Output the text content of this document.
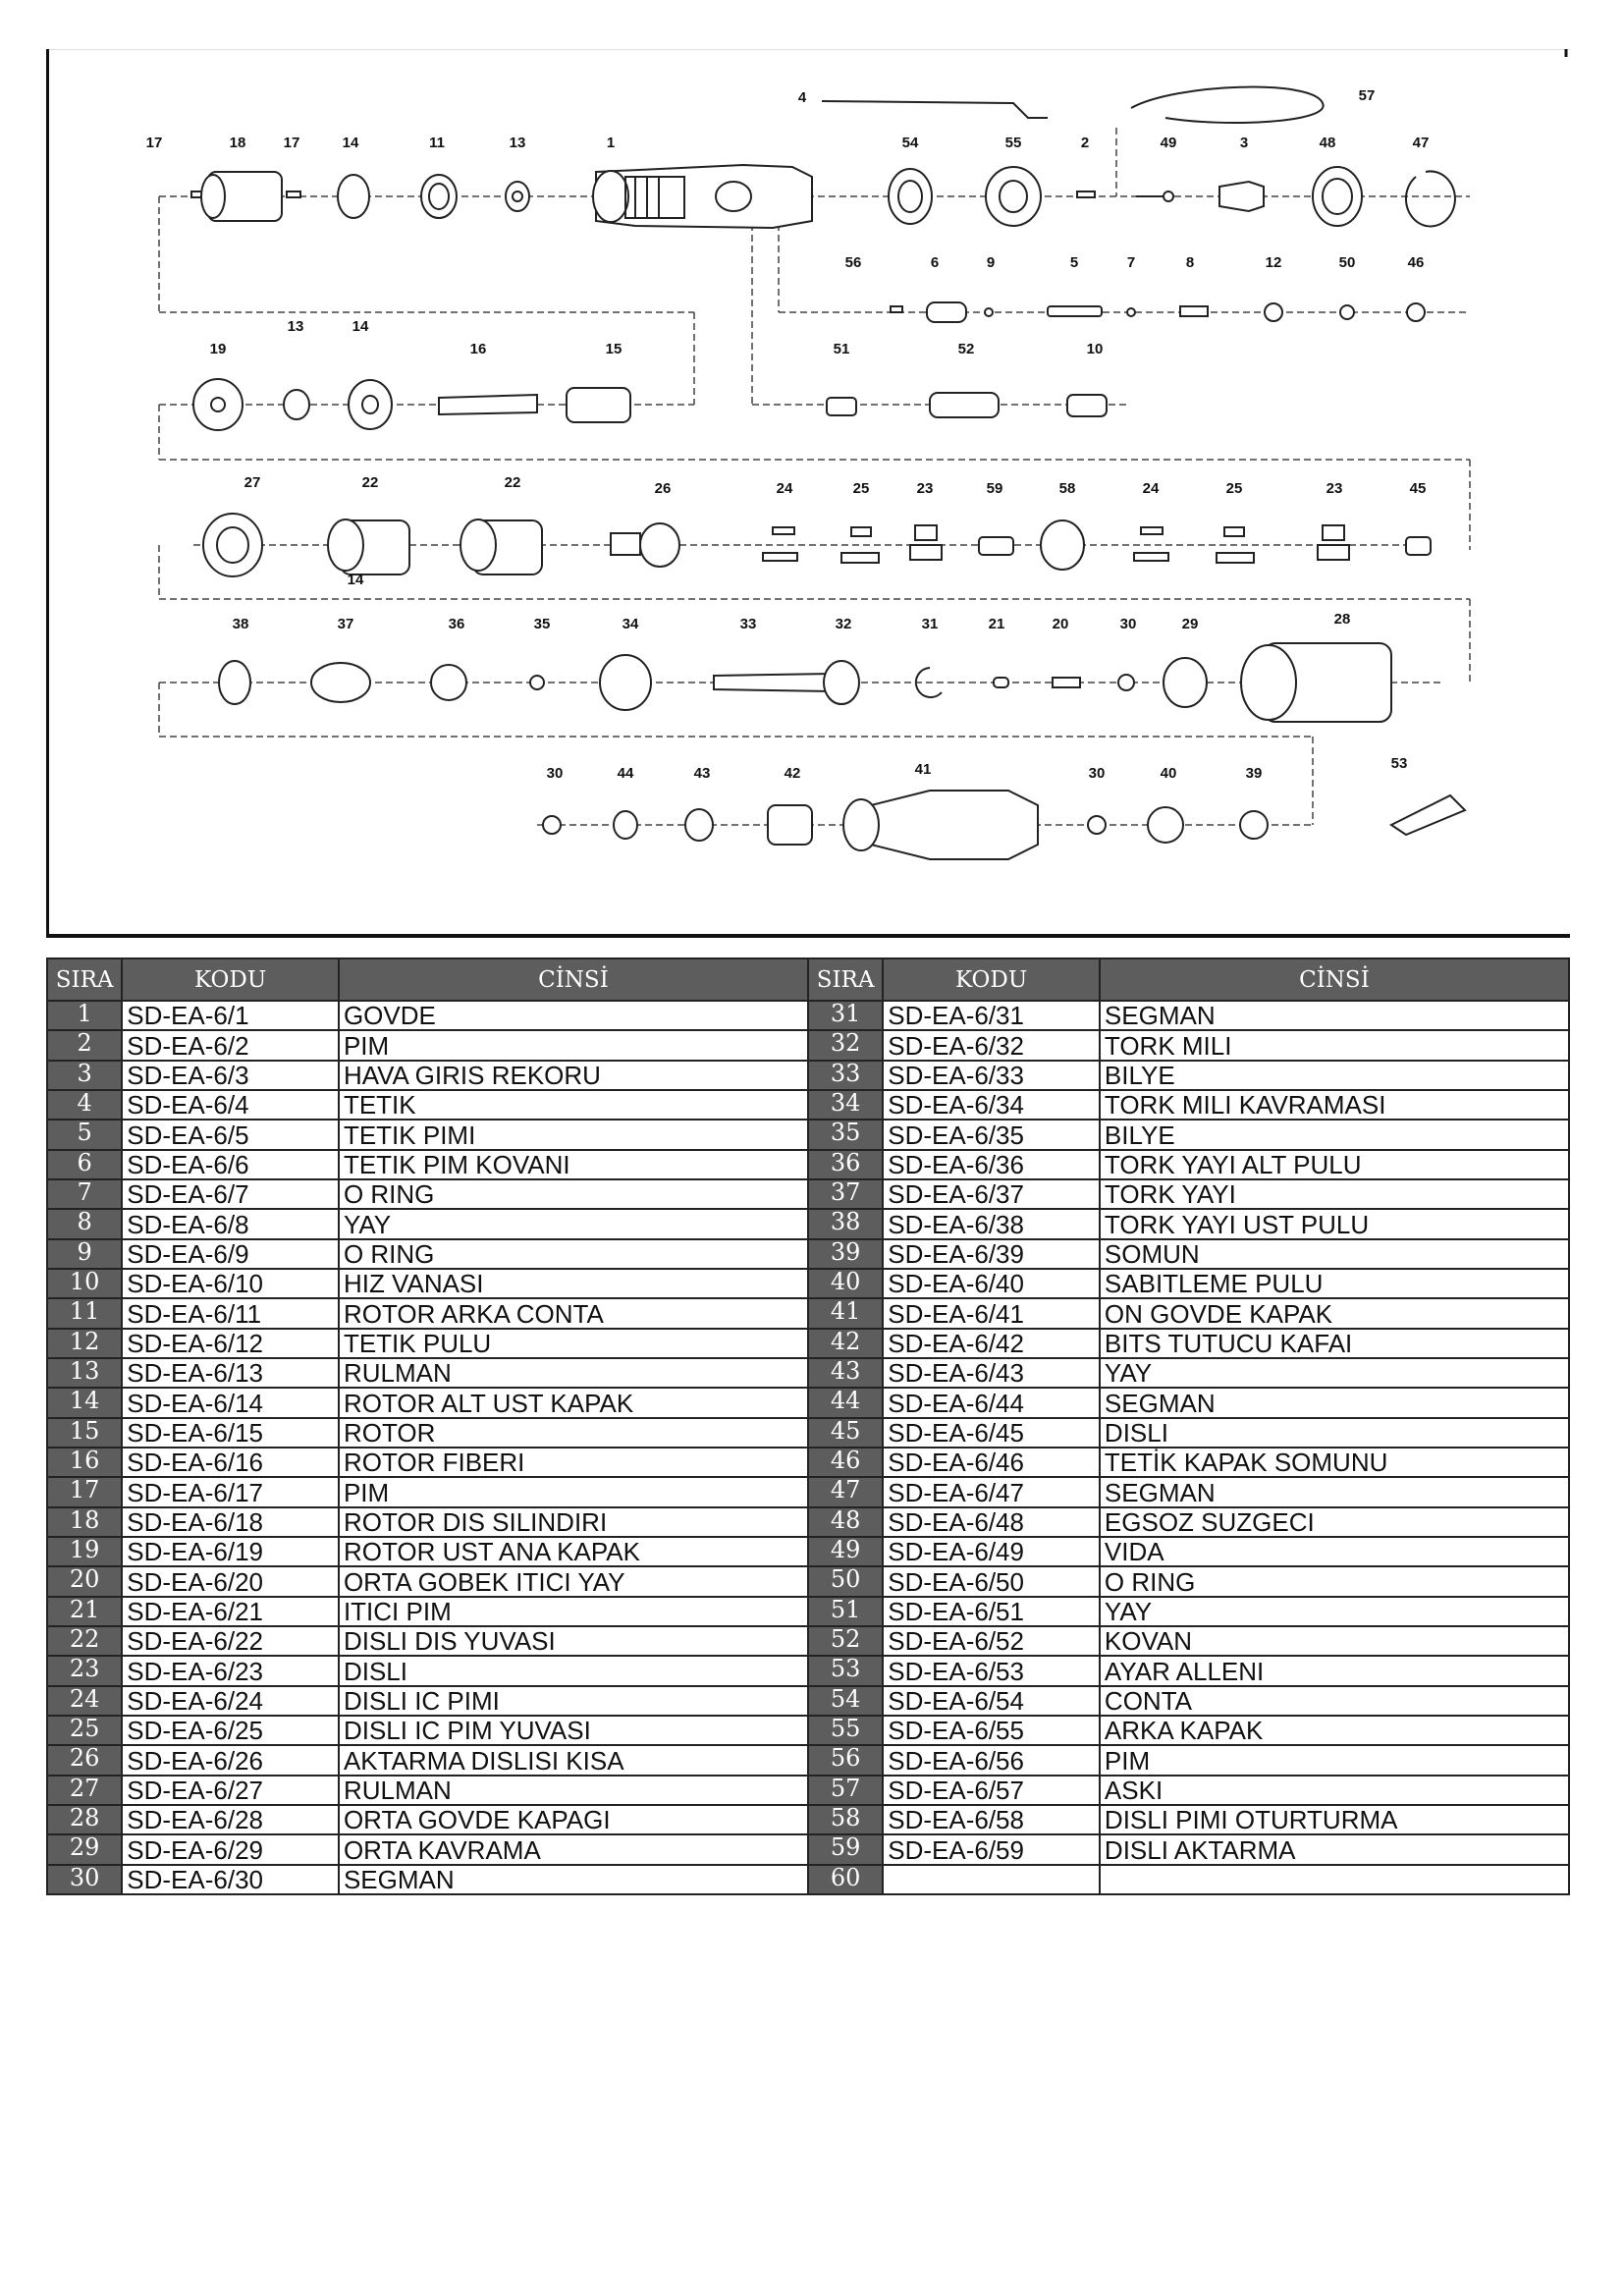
1	2	3
4
5
6	7	8
9
10
11
12
13
13
14
14
14
15
16
17	17
18
19
20
21
22	22	23	23
24	24
25	25
26
27
28
29
30
30	30
31
32
33
34
35
36
37
38
39
40
41
42
43
44
45
46
47
48
49
50
51	52
53
54	55
56
57
58
59
SIRA	KODU	CİNSİ	SIRA	KODU	CİNSİ
1	SD-EA-6/1	GOVDE	31	SD-EA-6/31	SEGMAN
2	SD-EA-6/2	PIM	32	SD-EA-6/32	TORK MILI
3	SD-EA-6/3	HAVA GIRIS REKORU	33	SD-EA-6/33	BILYE
4	SD-EA-6/4	TETIK	34	SD-EA-6/34	TORK MILI KAVRAMASI
5	SD-EA-6/5	TETIK PIMI	35	SD-EA-6/35	BILYE
6	SD-EA-6/6	TETIK PIM KOVANI	36	SD-EA-6/36	TORK YAYI ALT PULU
7	SD-EA-6/7	O RING	37	SD-EA-6/37	TORK YAYI
8	SD-EA-6/8	YAY	38	SD-EA-6/38	TORK YAYI UST PULU
9	SD-EA-6/9	O RING	39	SD-EA-6/39	SOMUN
10	SD-EA-6/10	HIZ VANASI	40	SD-EA-6/40	SABITLEME PULU
11	SD-EA-6/11	ROTOR ARKA CONTA	41	SD-EA-6/41	ON GOVDE KAPAK
12	SD-EA-6/12	TETIK PULU	42	SD-EA-6/42	BITS TUTUCU KAFAI
13	SD-EA-6/13	RULMAN	43	SD-EA-6/43	YAY
14	SD-EA-6/14	ROTOR ALT UST KAPAK	44	SD-EA-6/44	SEGMAN
15	SD-EA-6/15	ROTOR	45	SD-EA-6/45	DISLI
16	SD-EA-6/16	ROTOR FIBERI	46	SD-EA-6/46	TETİK KAPAK SOMUNU
17	SD-EA-6/17	PIM	47	SD-EA-6/47	SEGMAN
18	SD-EA-6/18	ROTOR DIS SILINDIRI	48	SD-EA-6/48	EGSOZ SUZGECI
19	SD-EA-6/19	ROTOR UST ANA KAPAK	49	SD-EA-6/49	VIDA
20	SD-EA-6/20	ORTA GOBEK ITICI YAY	50	SD-EA-6/50	O RING
21	SD-EA-6/21	ITICI PIM	51	SD-EA-6/51	YAY
22	SD-EA-6/22	DISLI DIS YUVASI	52	SD-EA-6/52	KOVAN
23	SD-EA-6/23	DISLI	53	SD-EA-6/53	AYAR ALLENI
24	SD-EA-6/24	DISLI IC PIMI	54	SD-EA-6/54	CONTA
25	SD-EA-6/25	DISLI IC PIM YUVASI	55	SD-EA-6/55	ARKA KAPAK
26	SD-EA-6/26	AKTARMA DISLISI KISA	56	SD-EA-6/56	PIM
27	SD-EA-6/27	RULMAN	57	SD-EA-6/57	ASKI
28	SD-EA-6/28	ORTA GOVDE KAPAGI	58	SD-EA-6/58	DISLI PIMI OTURTURMA
29	SD-EA-6/29	ORTA KAVRAMA	59	SD-EA-6/59	DISLI AKTARMA
30	SD-EA-6/30	SEGMAN	60		
